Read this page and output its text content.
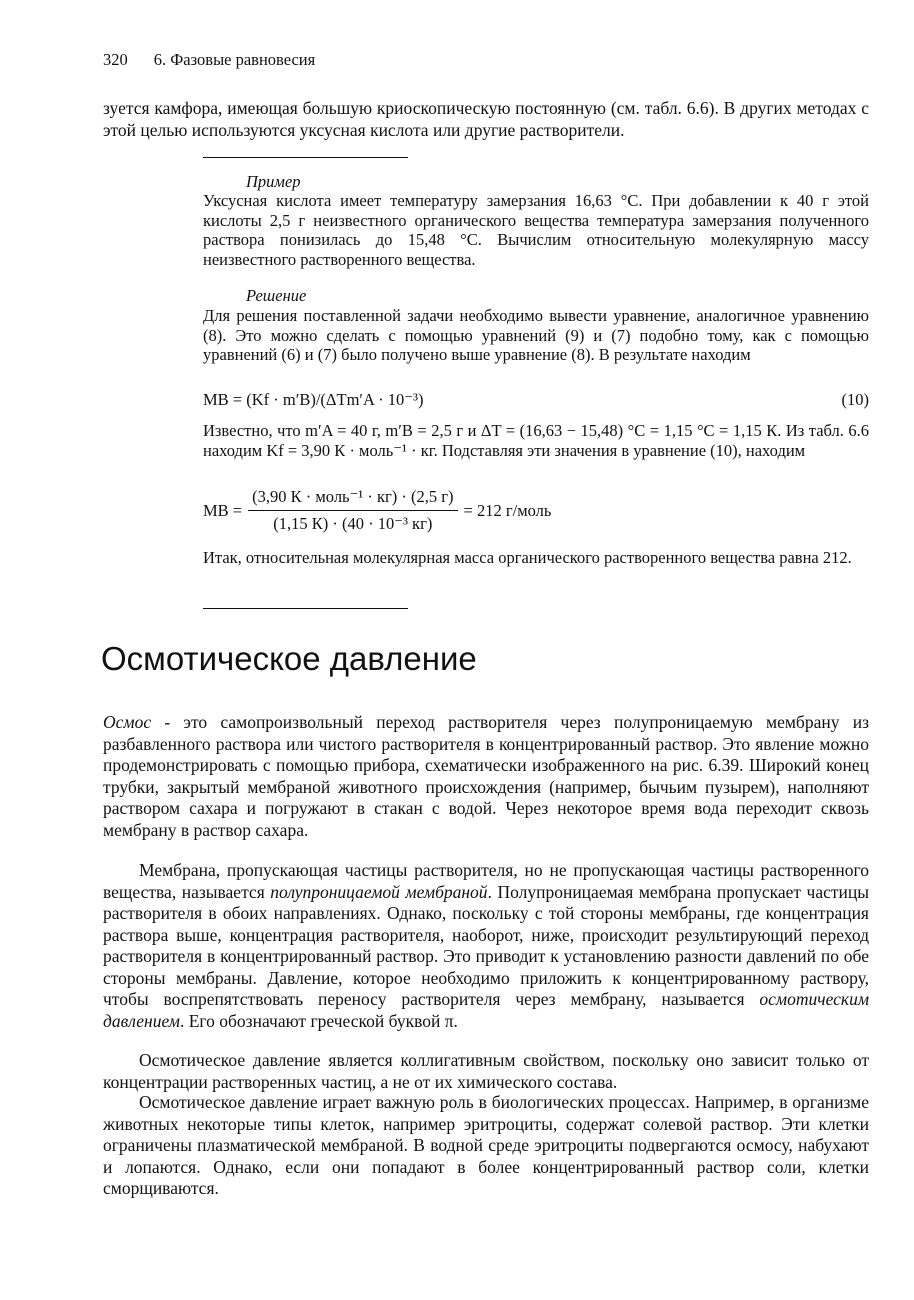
320 6. Фазовые равновесия

зуется камфора, имеющая большую криоскопическую постоянную (см. табл. 6.6). В других методах с этой целью используются уксусная кислота или другие растворители.

Пример

Уксусная кислота имеет температуру замерзания 16,63 °С. При добавлении к 40 г этой кислоты 2,5 г неизвестного органического вещества температура замерзания полученного раствора понизилась до 15,48 °С. Вычислим относительную молекулярную массу неизвестного растворенного вещества.

Решение

Для решения поставленной задачи необходимо вывести уравнение, аналогичное уравнению (8). Это можно сделать с помощью уравнений (9) и (7) подобно тому, как с помощью уравнений (6) и (7) было получено выше уравнение (8). В результате находим

MB = (Kf · m′B)/(ΔTm′A · 10⁻³)	(10)

Известно, что m′A = 40 г, m′B = 2,5 г и ΔT = (16,63 − 15,48) °С = 1,15 °С = 1,15 К. Из табл. 6.6 находим Kf = 3,90 К · моль⁻¹ · кг. Подставляя эти значения в уравнение (10), находим

MB = $\frac{\text{(3,90 К · моль⁻¹ · кг) · (2,5 г)}}{\text{(1,15 К) · (40 · 10⁻³ кг)}} = 212$ г/моль

Итак, относительная молекулярная масса органического растворенного вещества равна 212.

Осмотическое давление

Осмос - это самопроизвольный переход растворителя через полупроницаемую мембрану из разбавленного раствора или чистого растворителя в концентрированный раствор. Это явление можно продемонстрировать с помощью прибора, схематически изображенного на рис. 6.39. Широкий конец трубки, закрытый мембраной животного происхождения (например, бычьим пузырем), наполняют раствором сахара и погружают в стакан с водой. Через некоторое время вода переходит сквозь мембрану в раствор сахара.

Мембрана, пропускающая частицы растворителя, но не пропускающая частицы растворенного вещества, называется полупроницаемой мембраной. Полупроницаемая мембрана пропускает частицы растворителя в обоих направлениях. Однако, поскольку с той стороны мембраны, где концентрация раствора выше, концентрация растворителя, наоборот, ниже, происходит результирующий переход растворителя в концентрированный раствор. Это приводит к установлению разности давлений по обе стороны мембраны. Давление, которое необходимо приложить к концентрированному раствору, чтобы воспрепятствовать переносу растворителя через мембрану, называется осмотическим давлением. Его обозначают греческой буквой π.

Осмотическое давление является коллигативным свойством, поскольку оно зависит только от концентрации растворенных частиц, а не от их химического состава.

Осмотическое давление играет важную роль в биологических процессах. Например, в организме животных некоторые типы клеток, например эритроциты, содержат солевой раствор. Эти клетки ограничены плазматической мембраной. В водной среде эритроциты подвергаются осмосу, набухают и лопаются. Однако, если они попадают в более концентрированный раствор соли, клетки сморщиваются.
